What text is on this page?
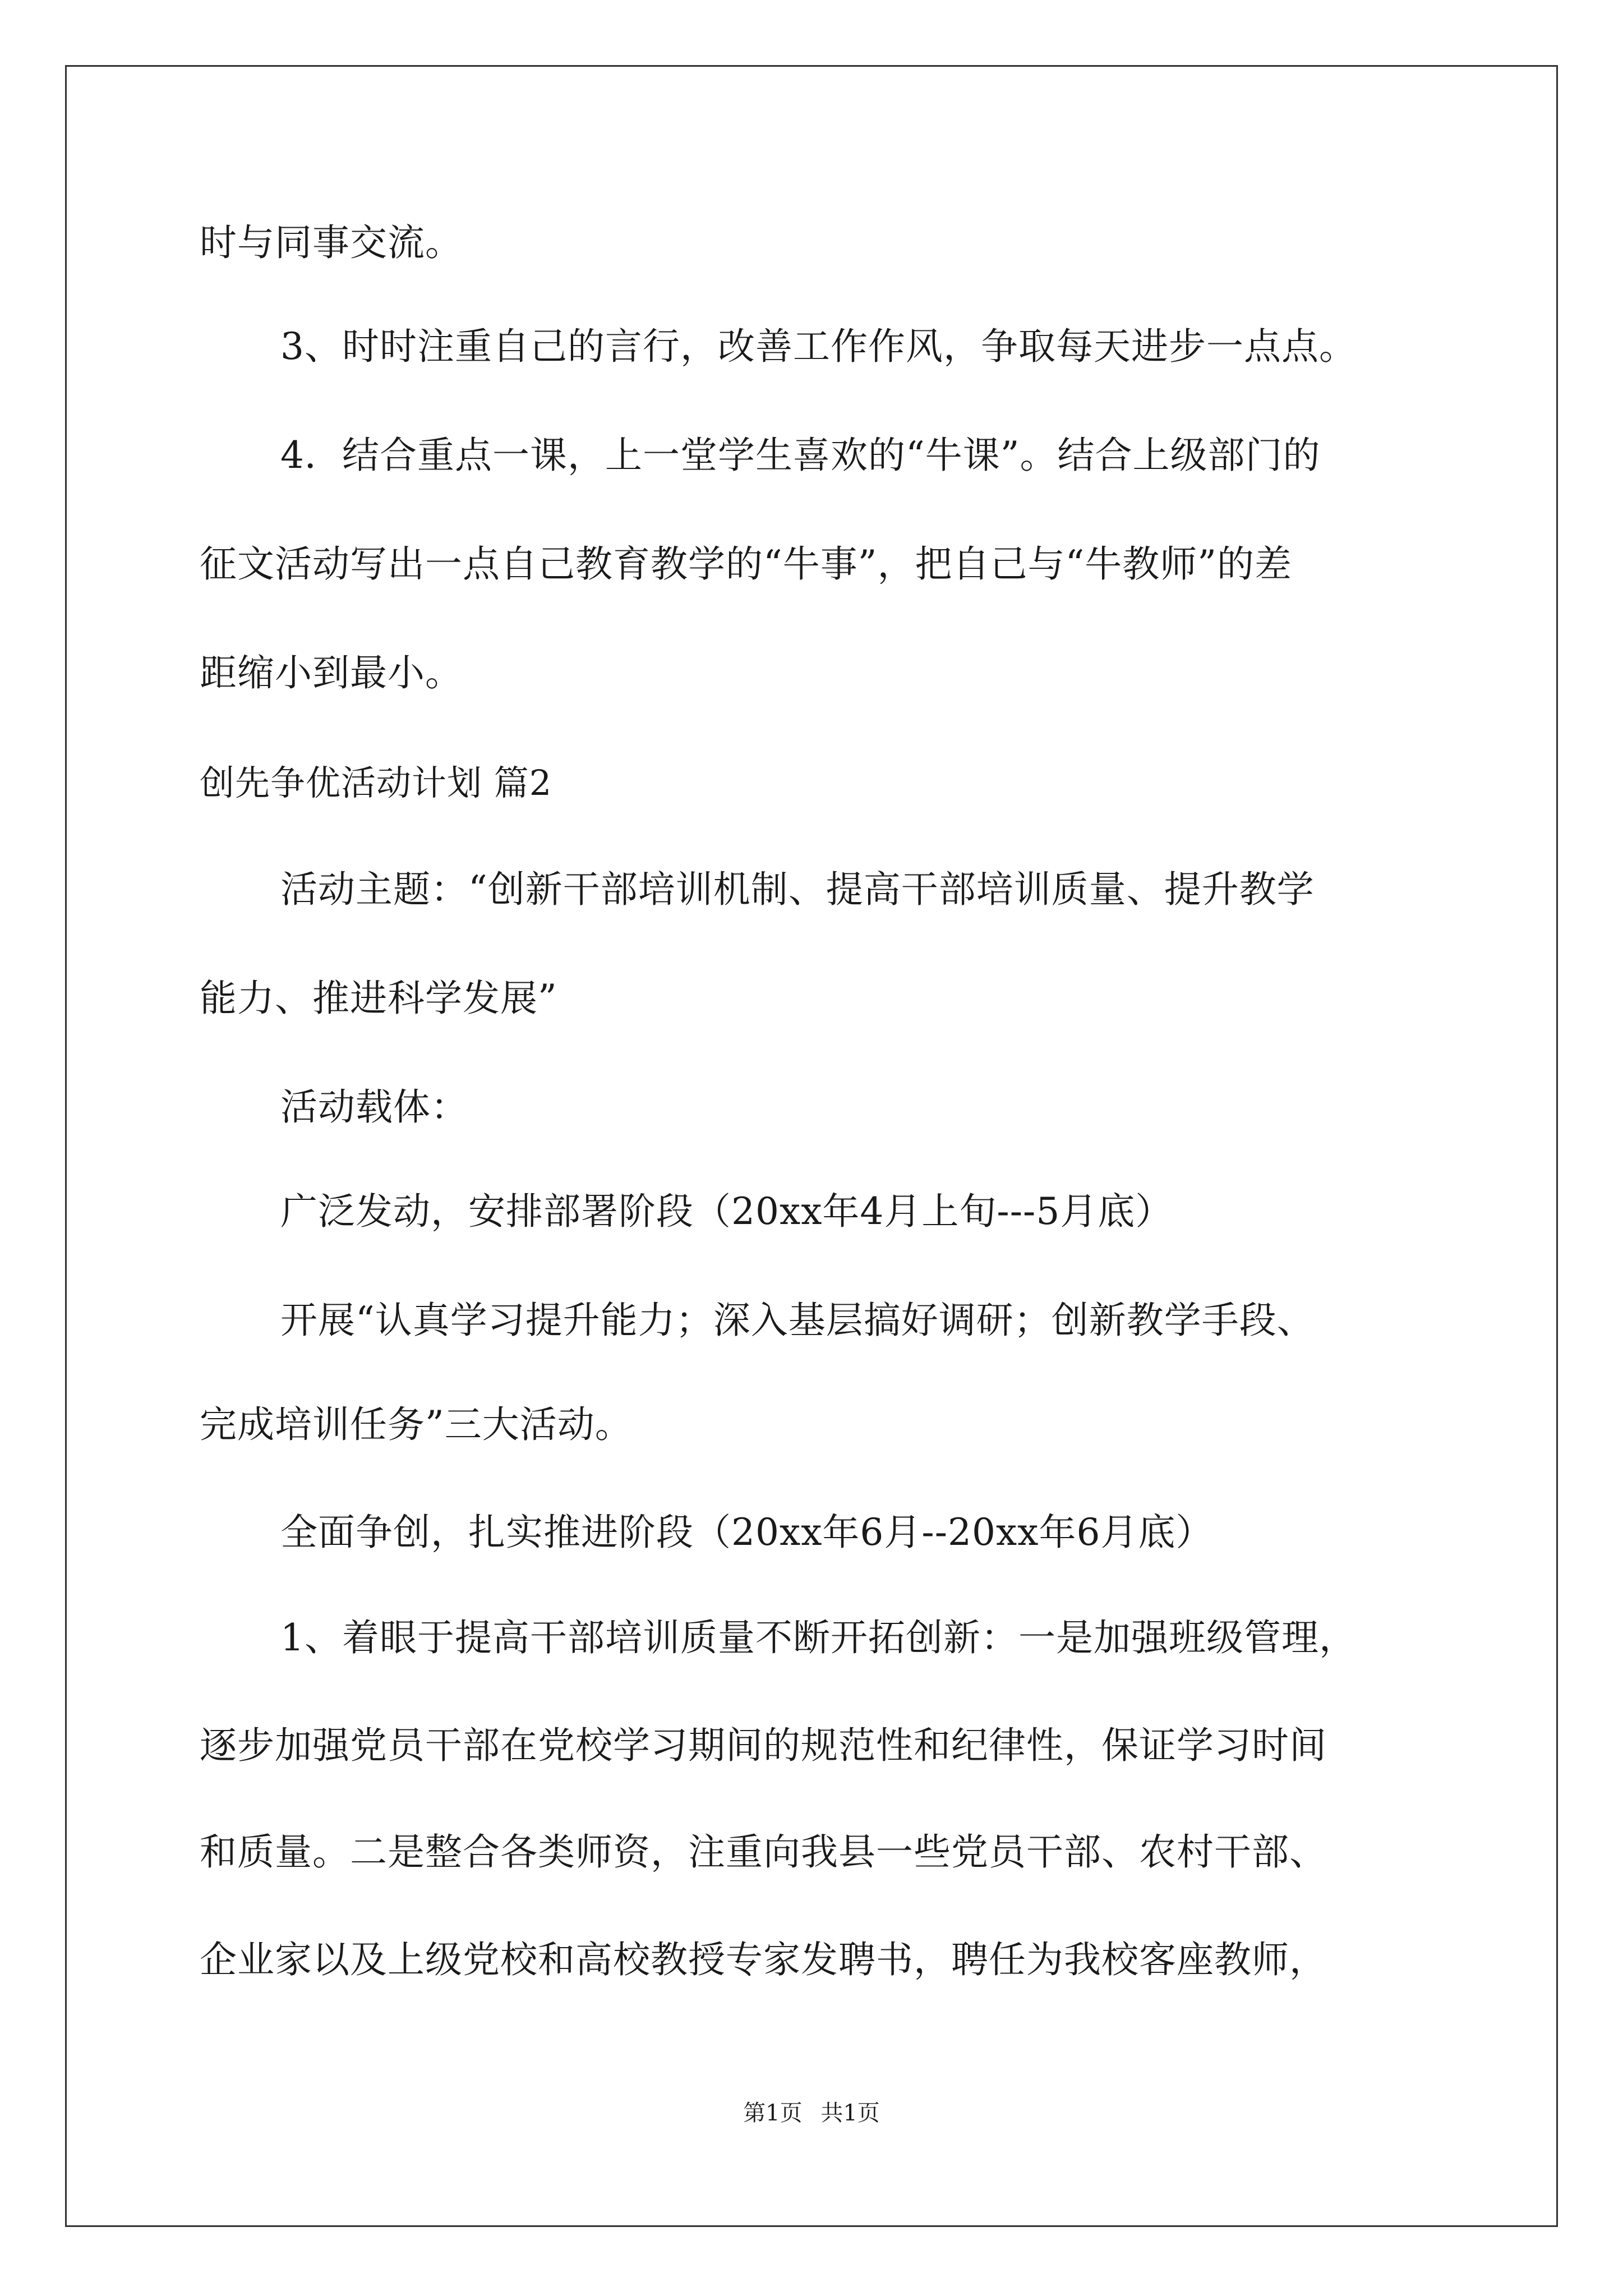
时与同事交流。
3、时时注重自己的言行，改善工作作风，争取每天进步一点点。
4．结合重点一课，上一堂学生喜欢的“牛课”。结合上级部门的
征文活动写出一点自己教育教学的“牛事”，把自己与“牛教师”的差
距缩小到最小。
创先争优活动计划 篇2
活动主题：“创新干部培训机制、提高干部培训质量、提升教学
能力、推进科学发展”
活动载体：
广泛发动，安排部署阶段（20xx年4月上旬---5月底）
开展“认真学习提升能力；深入基层搞好调研；创新教学手段、
完成培训任务”三大活动。
全面争创，扎实推进阶段（20xx年6月--20xx年6月底）
1、着眼于提高干部培训质量不断开拓创新：一是加强班级管理，
逐步加强党员干部在党校学习期间的规范性和纪律性，保证学习时间
和质量。二是整合各类师资，注重向我县一些党员干部、农村干部、
企业家以及上级党校和高校教授专家发聘书，聘任为我校客座教师，
第1页 共1页
